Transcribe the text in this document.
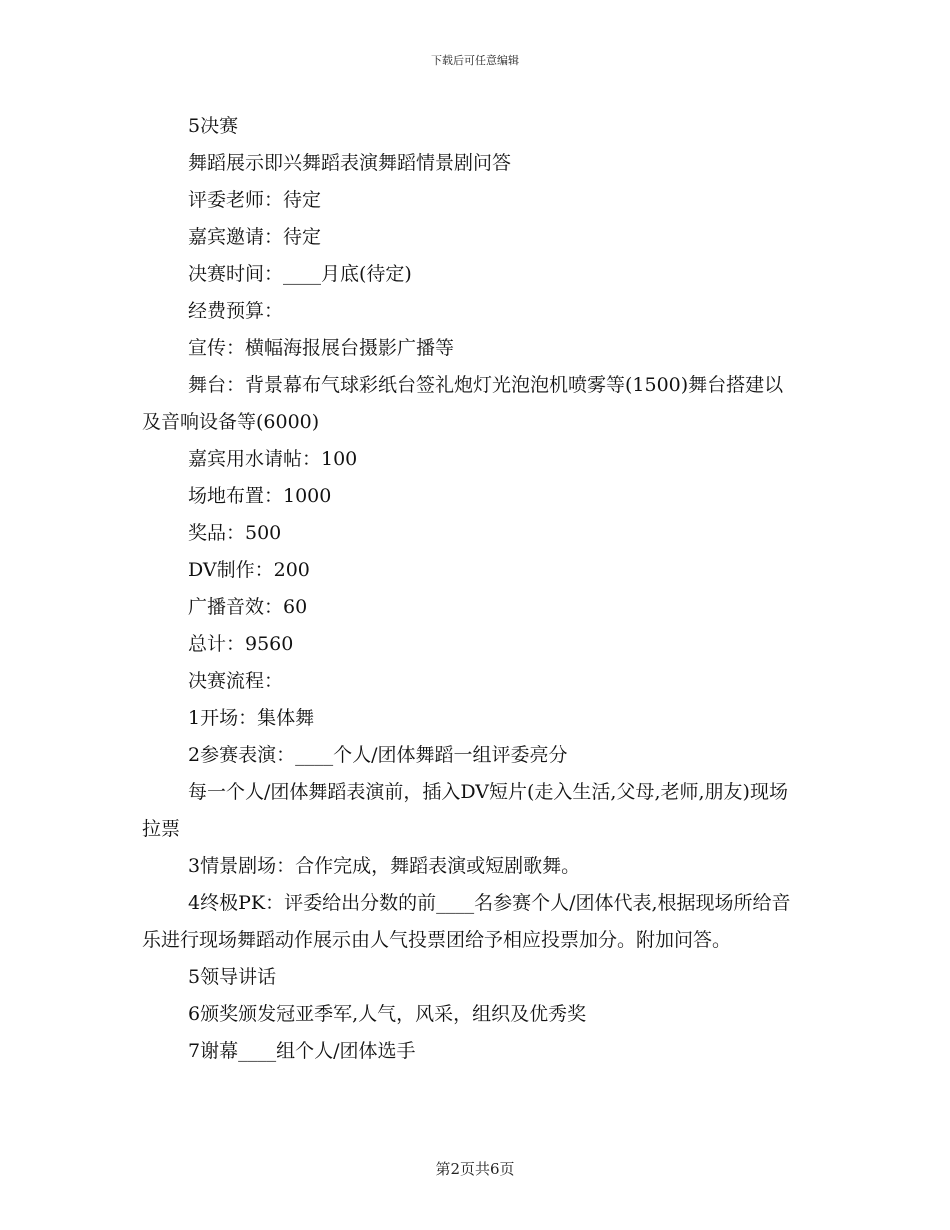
下载后可任意编辑

5决赛

舞蹈展示即兴舞蹈表演舞蹈情景剧问答

评委老师：待定

嘉宾邀请：待定

决赛时间：____月底(待定)

经费预算：

宣传：横幅海报展台摄影广播等

舞台：背景幕布气球彩纸台签礼炮灯光泡泡机喷雾等(1500)舞台搭建以及音响设备等(6000)

嘉宾用水请帖：100

场地布置：1000

奖品：500

DV制作：200

广播音效：60

总计：9560

决赛流程：

1开场：集体舞

2参赛表演：____个人/团体舞蹈一组评委亮分

每一个人/团体舞蹈表演前，插入DV短片(走入生活,父母,老师,朋友)现场拉票

3情景剧场：合作完成，舞蹈表演或短剧歌舞。

4终极PK：评委给出分数的前____名参赛个人/团体代表,根据现场所给音乐进行现场舞蹈动作展示由人气投票团给予相应投票加分。附加问答。

5领导讲话

6颁奖颁发冠亚季军,人气，风采，组织及优秀奖

7谢幕____组个人/团体选手

第2页共6页
